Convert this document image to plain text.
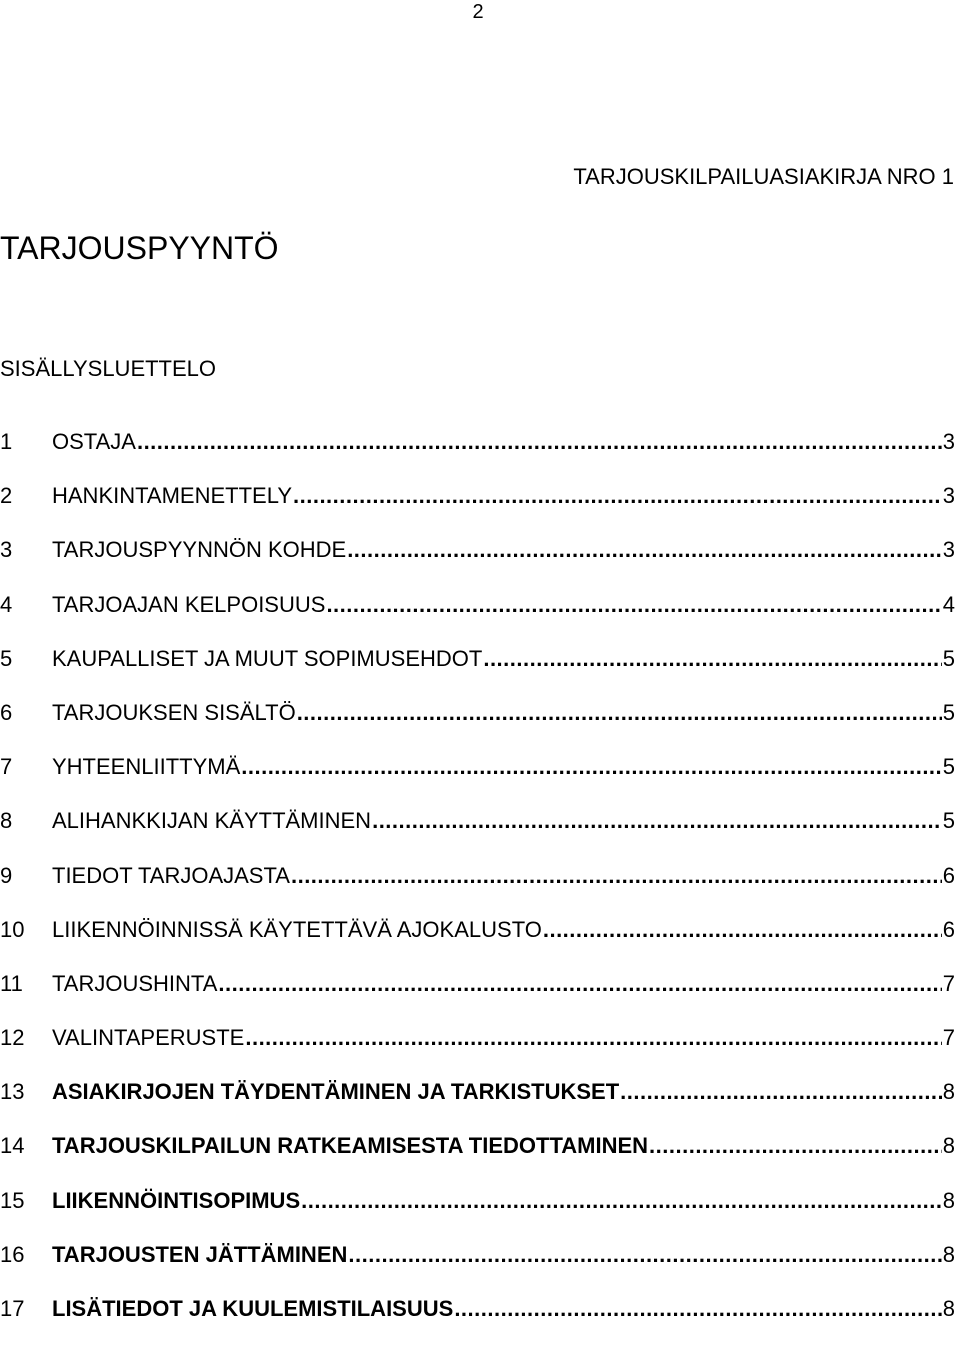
2
TARJOUSKILPAILUASIAKIRJA NRO 1
TARJOUSPYYNTÖ
SISÄLLYSLUETTELO
1	OSTAJA .....	3
2	HANKINTAMENETTELY .....	3
3	TARJOUSPYYNNÖN KOHDE .....	3
4	TARJOAJAN KELPOISUUS .....	4
5	KAUPALLISET JA MUUT SOPIMUSEHDOT .....	5
6	TARJOUKSEN SISÄLTÖ .....	5
7	YHTEENLIITTYMÄ .....	5
8	ALIHANKKIJAN KÄYTTÄMINEN .....	5
9	TIEDOT TARJOAJASTA .....	6
10	LIIKENNÖINNISSÄ KÄYTETTÄVÄ AJOKALUSTO .....	6
11	TARJOUSHINTA .....	7
12	VALINTAPERUSTE .....	7
13	ASIAKIRJOJEN TÄYDENTÄMINEN JA TARKISTUKSET .....	8
14	TARJOUSKILPAILUN RATKEAMISESTA TIEDOTTAMINEN .....	8
15	LIIKENNÖINTISOPIMUS .....	8
16	TARJOUSTEN JÄTTÄMINEN .....	8
17	LISÄTIEDOT JA KUULEMISTILAISUUS .....	8
